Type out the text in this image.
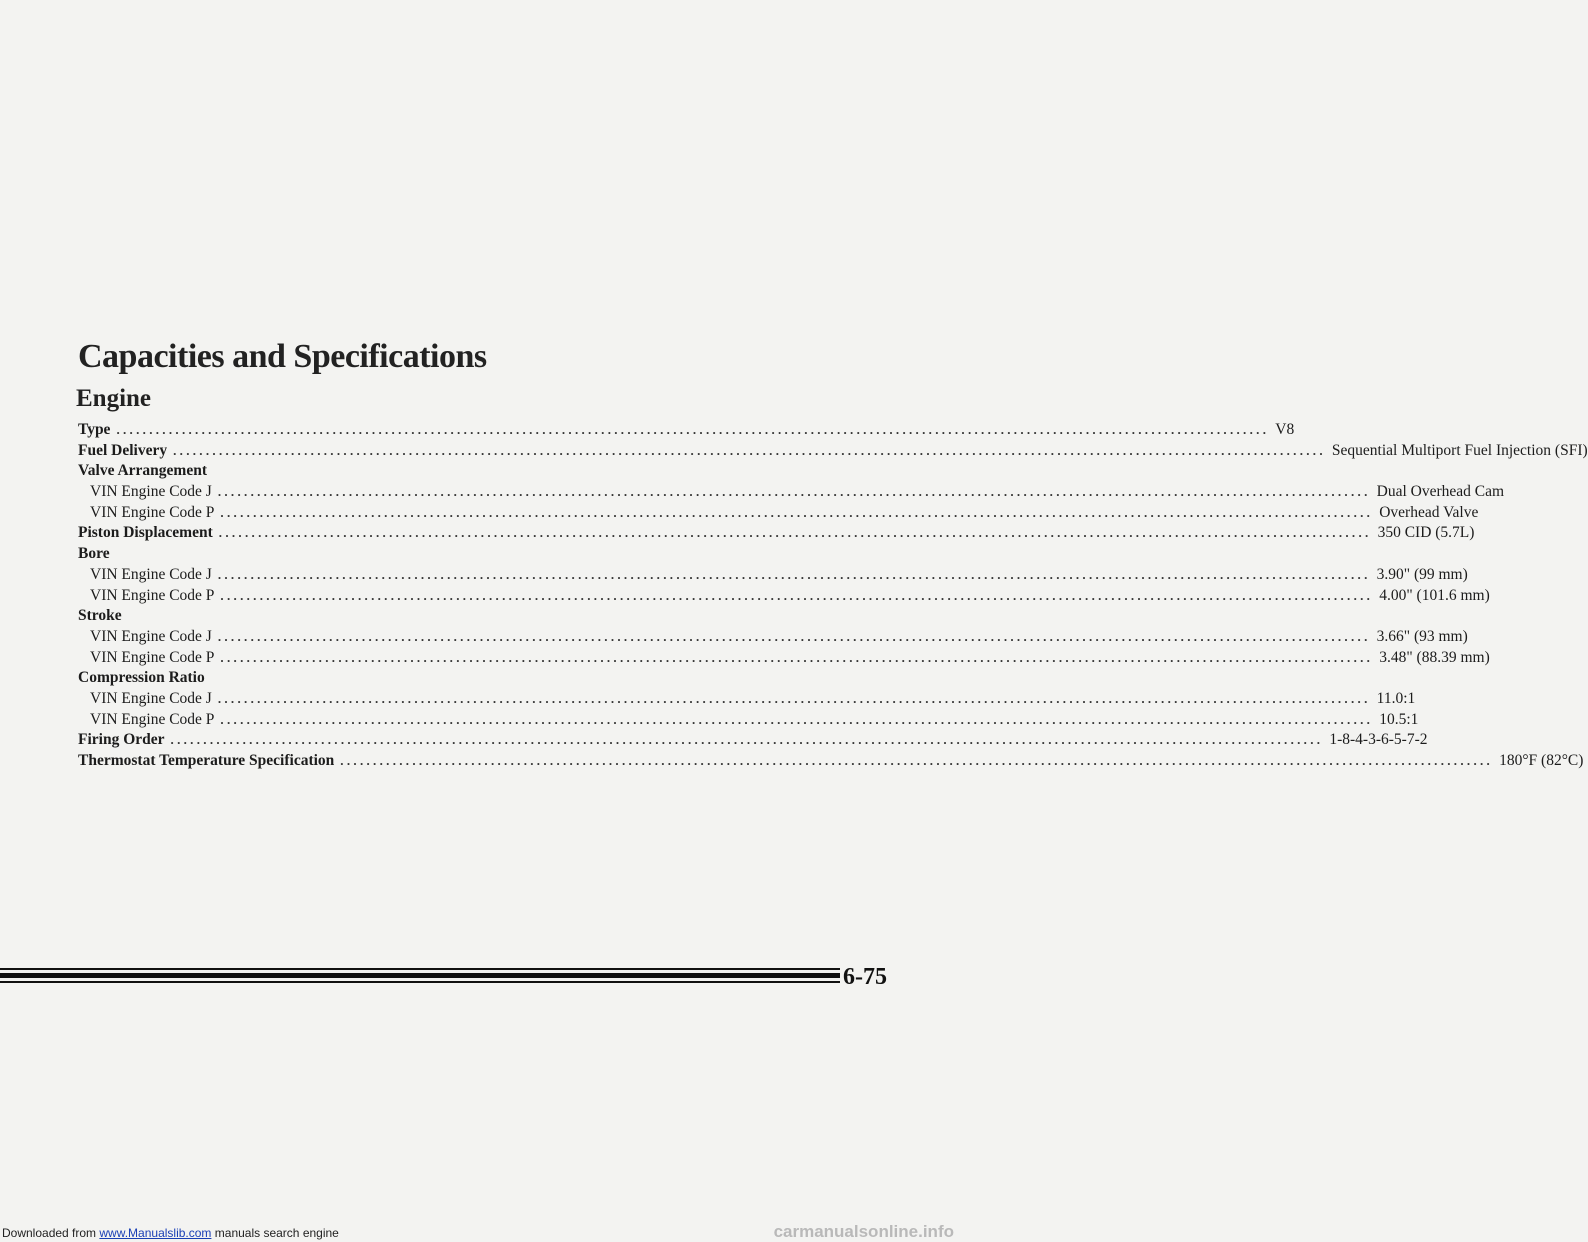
Capacities and Specifications
Engine
Type ................................................................................................................................................................................ V8
Fuel Delivery ................................................................................................................................................................................ Sequential Multiport Fuel Injection (SFI)
Valve Arrangement
VIN Engine Code J ................................................................................................................................................................................ Dual Overhead Cam
VIN Engine Code P ................................................................................................................................................................................ Overhead Valve
Piston Displacement ................................................................................................................................................................................ 350 CID (5.7L)
Bore
VIN Engine Code J ................................................................................................................................................................................ 3.90" (99 mm)
VIN Engine Code P ................................................................................................................................................................................ 4.00" (101.6 mm)
Stroke
VIN Engine Code J ................................................................................................................................................................................ 3.66" (93 mm)
VIN Engine Code P ................................................................................................................................................................................ 3.48" (88.39 mm)
Compression Ratio
VIN Engine Code J ................................................................................................................................................................................ 11.0:1
VIN Engine Code P ................................................................................................................................................................................ 10.5:1
Firing Order ................................................................................................................................................................................ 1-8-4-3-6-5-7-2
Thermostat Temperature Specification ................................................................................................................................................................................ 180°F (82°C)
6-75
Downloaded from www.Manualslib.com manuals search engine	carmanualsonline.info
